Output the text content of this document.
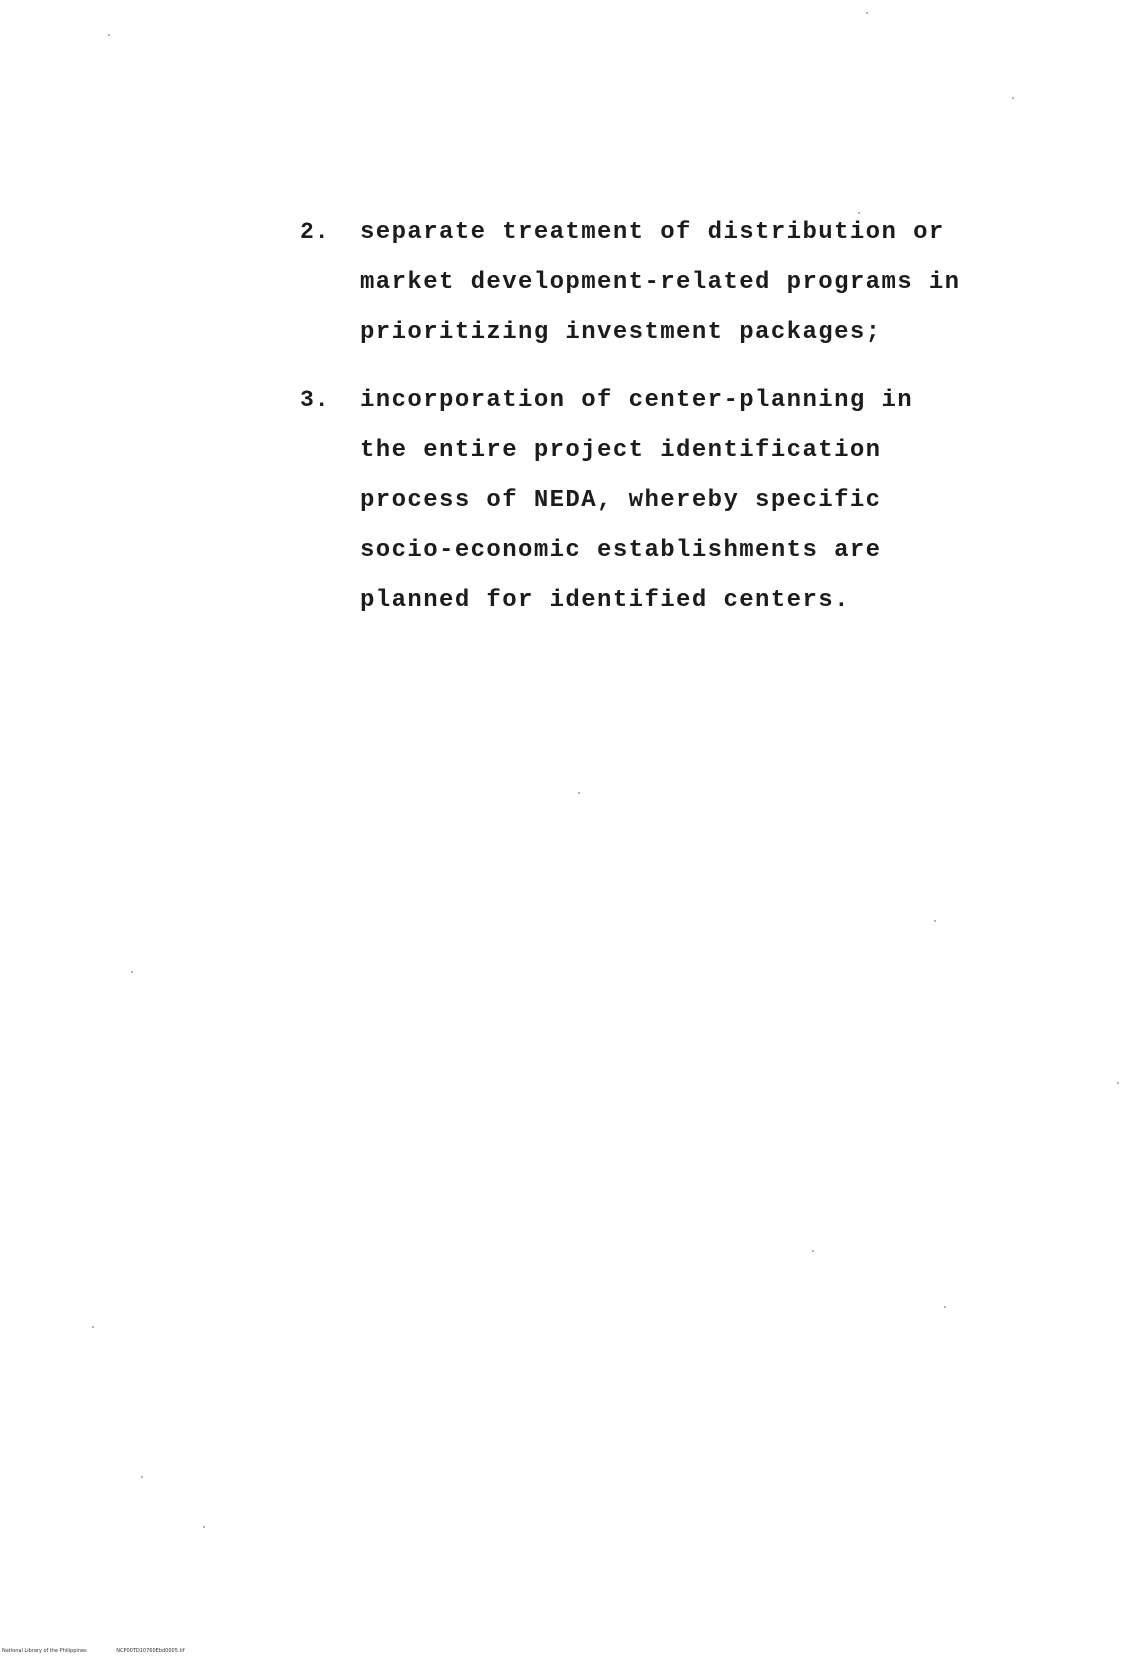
2. separate treatment of distribution or
market development-related programs in
prioritizing investment packages;
3. incorporation of center-planning in
the entire project identification
process of NEDA, whereby specific
socio-economic establishments are
planned for identified centers.
National Library of the Philippines	NCP00TD10760Ebd0005.tif
